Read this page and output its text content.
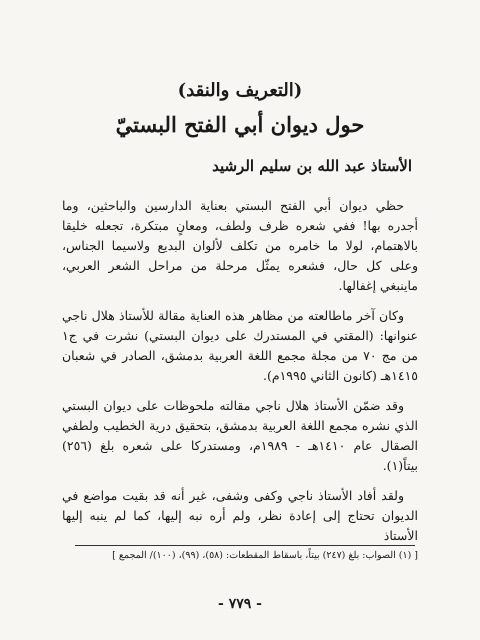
(التعريف والنقد)
حول ديوان أبي الفتح البستيّ
الأستاذ عبد الله بن سليم الرشيد

حظي ديوان أبي الفتح البستي بعناية الدارسين والباحثين، وما أجدره بها! ففي شعره ظرف ولطف، ومعانٍ مبتكرة، تجعله خليقا بالاهتمام، لولا ما خامره من تكلف لألوان البديع ولاسيما الجناس، وعلى كل حال، فشعره يمثّل مرحلة من مراحل الشعر العربي، ماينبغي إغفالها.

وكان آخر ماطالعته من مظاهر هذه العناية مقالة للأستاذ هلال ناجي عنوانها: (المقتي في المستدرك على ديوان البستي) نشرت في ج١ من مج ٧٠ من مجلة مجمع اللغة العربية بدمشق، الصادر في شعبان ١٤١٥هـ (كانون الثاني ١٩٩٥م).

وقد ضمّن الأستاذ هلال ناجي مقالته ملحوظات على ديوان البستي الذي نشره مجمع اللغة العربية بدمشق، بتحقيق درية الخطيب ولطفي الصقال عام ١٤١٠هـ - ١٩٨٩م، ومستدركا على شعره بلغ (٢٥٦) بيتاً(١).

ولقد أفاد الأستاذ ناجي وكفى وشفى، غير أنه قد بقيت مواضع في الديوان تحتاج إلى إعادة نظر، ولم أره نبه إليها، كما لم ينبه إليها الأستاذ

[ (١) الصواب: بلغ (٢٤٧) بيتاً، باسقاط المقطعات: (٥٨)، (٩٩)، (١٠٠)/ المجمع ]

- ٧٧٩ -
